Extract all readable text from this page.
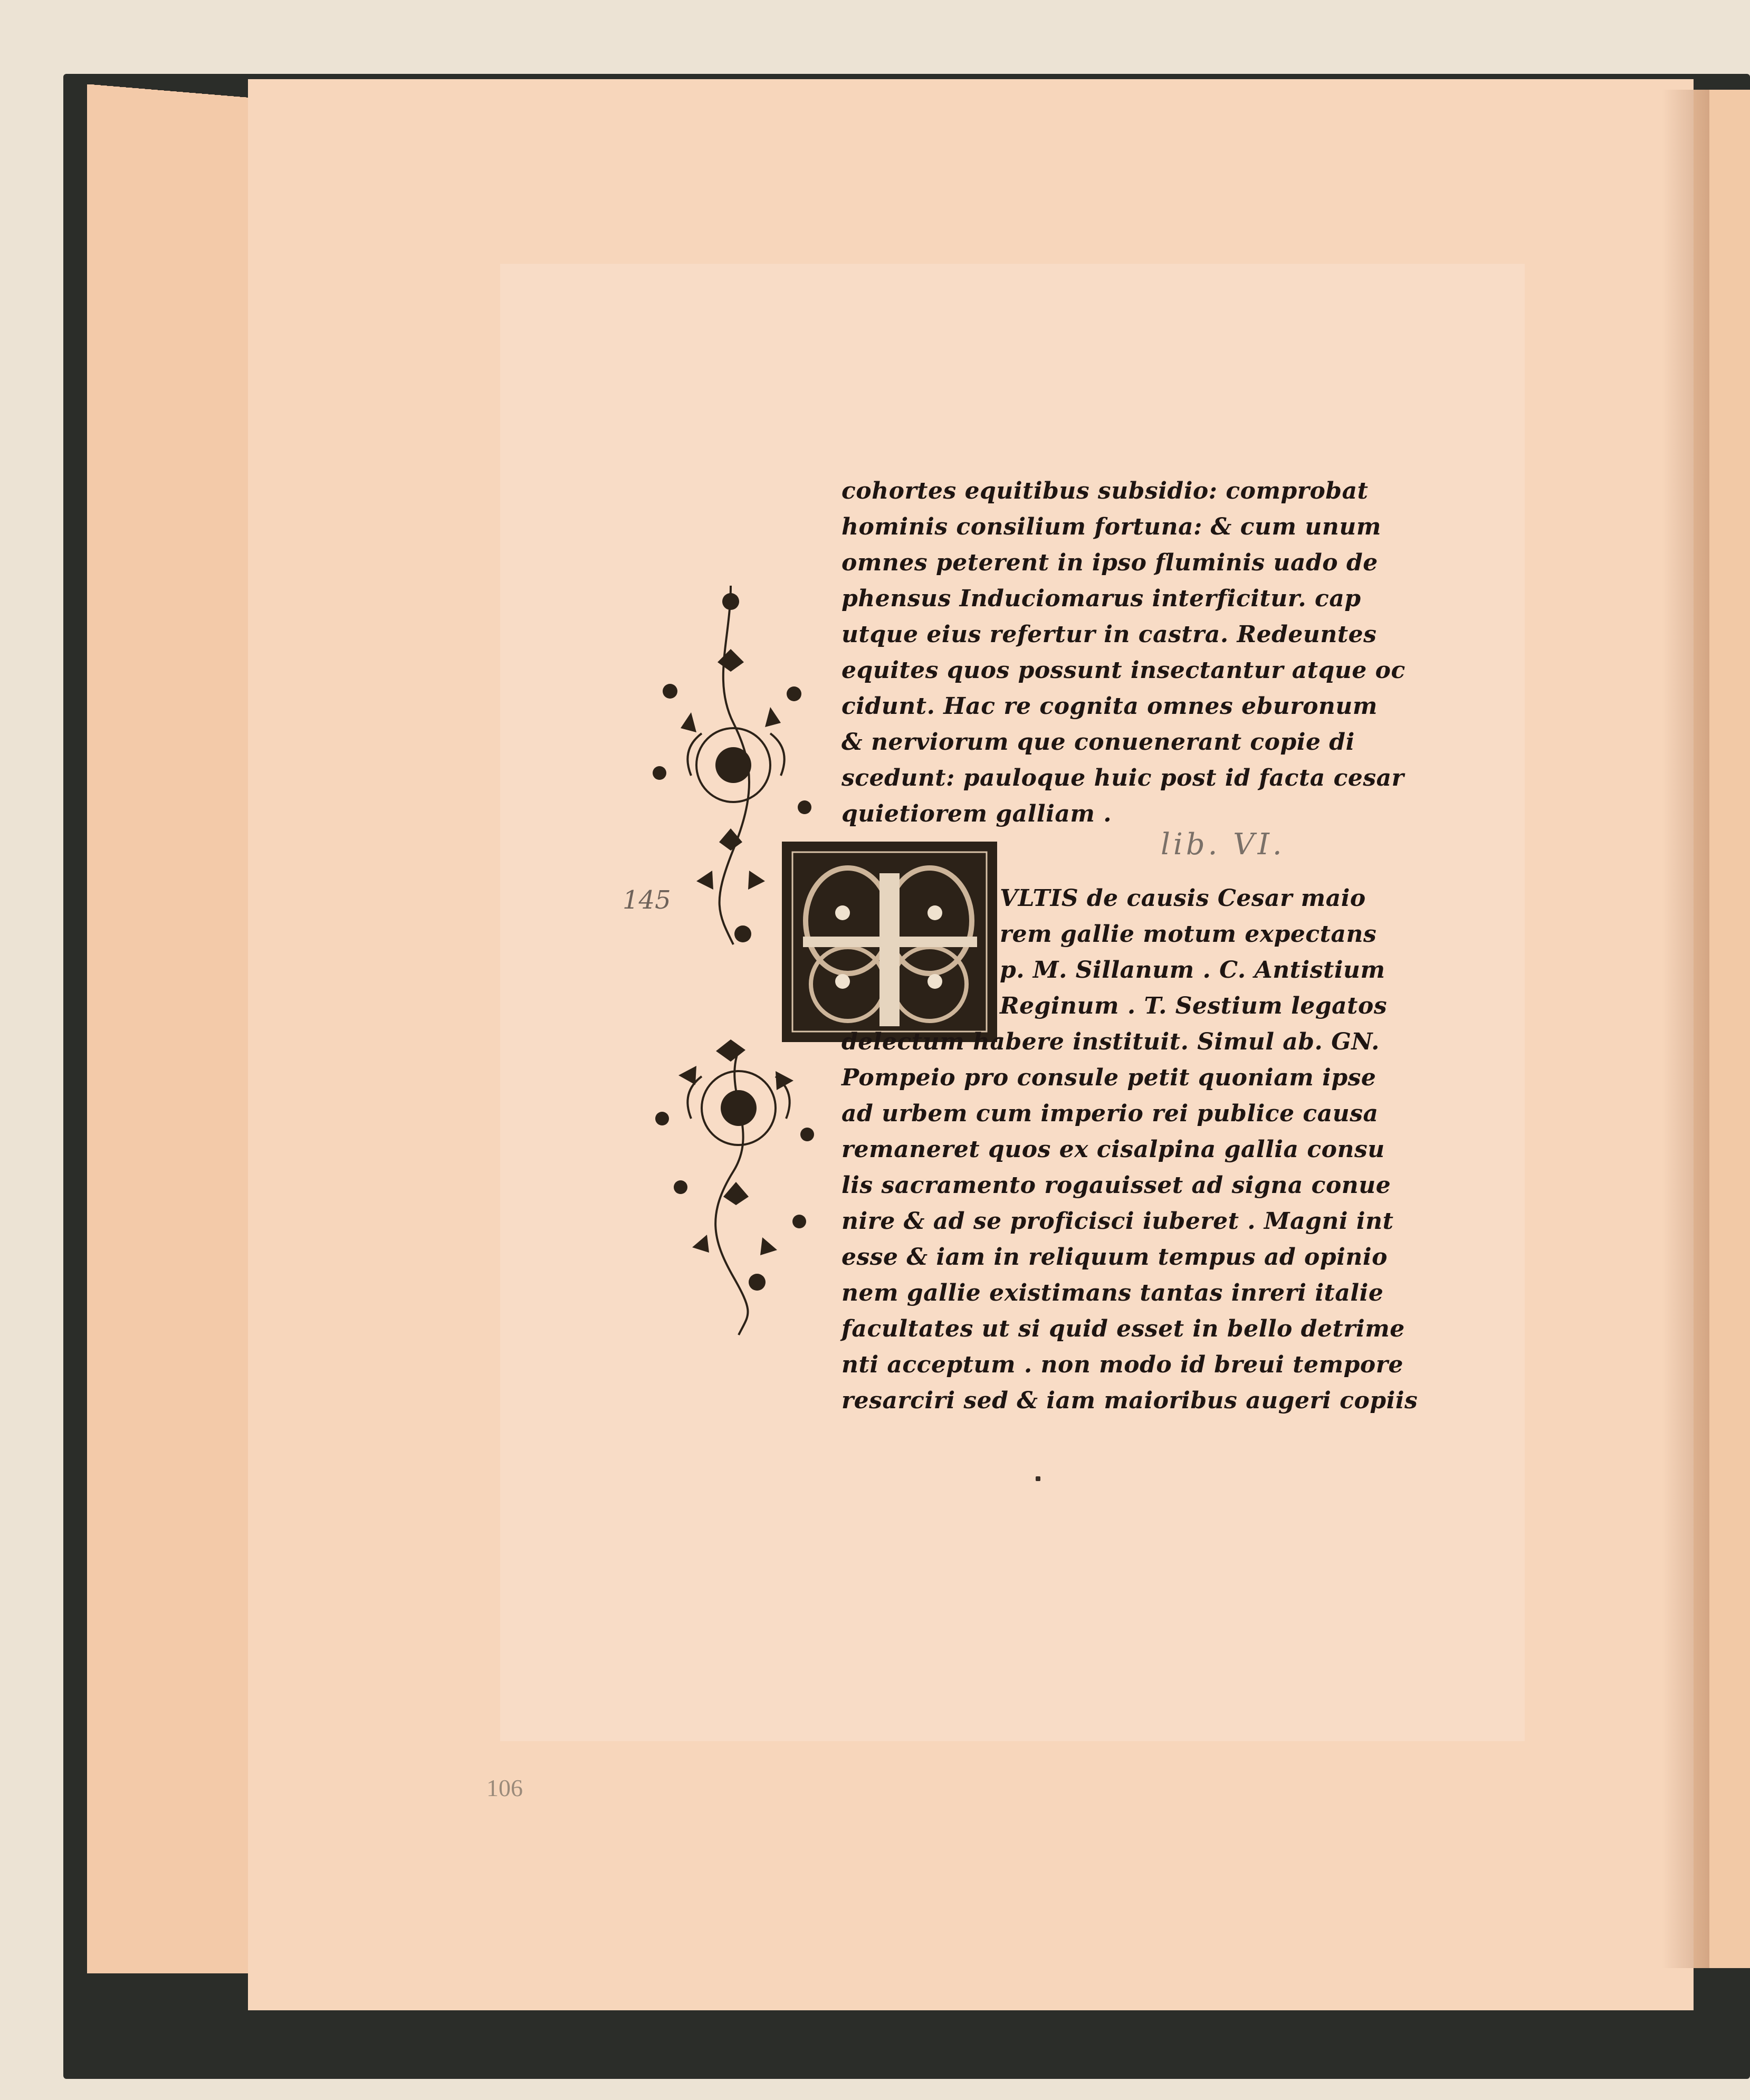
145
lib. VI.
cohortes equitibus subsidio: comprobat
hominis consilium fortuna: & cum unum
omnes peterent in ipso fluminis uado de
phensus Induciomarus interficitur. cap
utque eius refertur in castra. Redeuntes
equites quos possunt insectantur atque oc
cidunt. Hac re cognita omnes eburonum
& nerviorum que conuenerant copie di
scedunt: pauloque huic post id facta cesar
quietiorem galliam .
VLTIS de causis Cesar maio
rem gallie motum expectans
p. M. Sillanum . C. Antistium
Reginum . T. Sestium legatos
delectum habere instituit. Simul ab. GN.
Pompeio pro consule petit quoniam ipse
ad urbem cum imperio rei publice causa
remaneret quos ex cisalpina gallia consu
lis sacramento rogauisset ad signa conue
nire & ad se proficisci iuberet . Magni int
esse & iam in reliquum tempus ad opinio
nem gallie existimans tantas inreri italie
facultates ut si quid esset in bello detrime
nti acceptum . non modo id breui tempore
resarciri sed & iam maioribus augeri copiis
106
